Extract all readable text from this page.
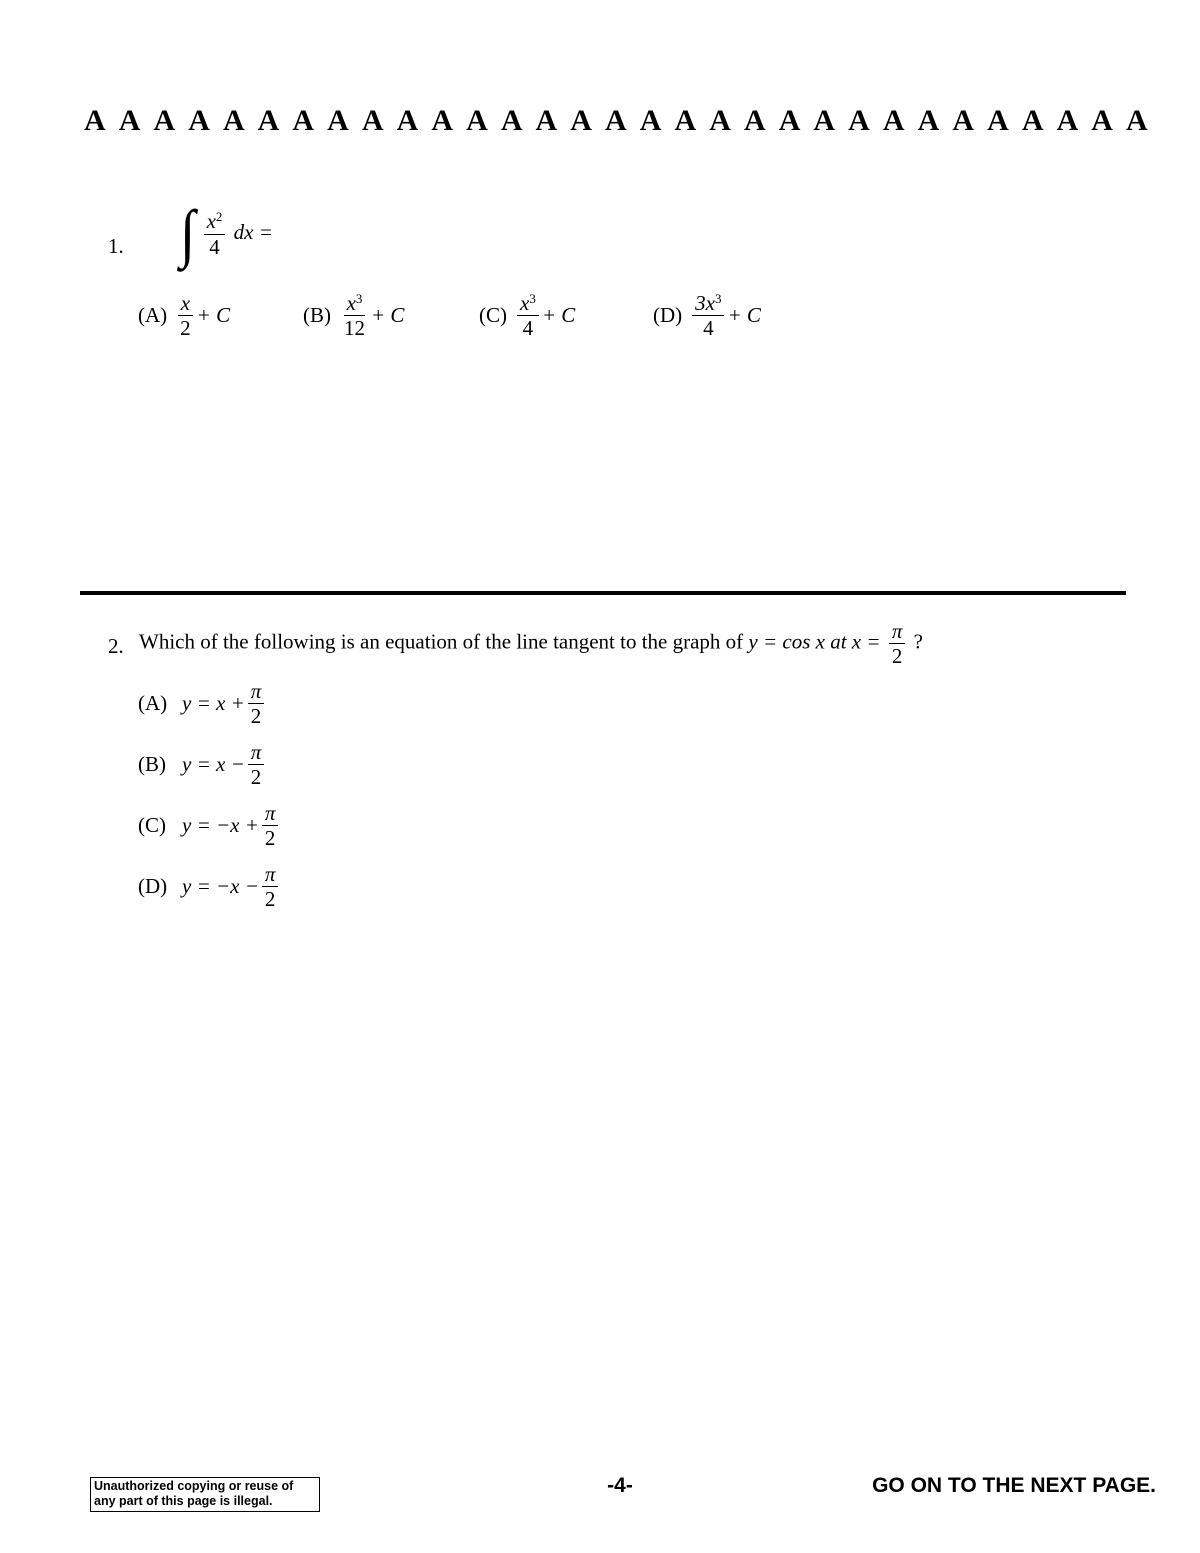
A A A A A A A A A A A A A A A A A A A A A A A A A A A A A A A
1. ∫ $\frac{x^2}{4}$ dx =
$(A) \frac{x}{2} + C$	$(B) \frac{x^3}{12} + C$	$(C) \frac{x^3}{4} + C$	$(D) \frac{3x^3}{4} + C$
2. Which of the following is an equation of the line tangent to the graph of y = cos x at $x = \frac{\pi}{2}$ ?
(A) $y = x + \frac{\pi}{2}$
(B) $y = x - \frac{\pi}{2}$
(C) $y = -x + \frac{\pi}{2}$
(D) $y = -x - \frac{\pi}{2}$
Unauthorized copying or reuse of
any part of this page is illegal.
-4-	GO ON TO THE NEXT PAGE.
